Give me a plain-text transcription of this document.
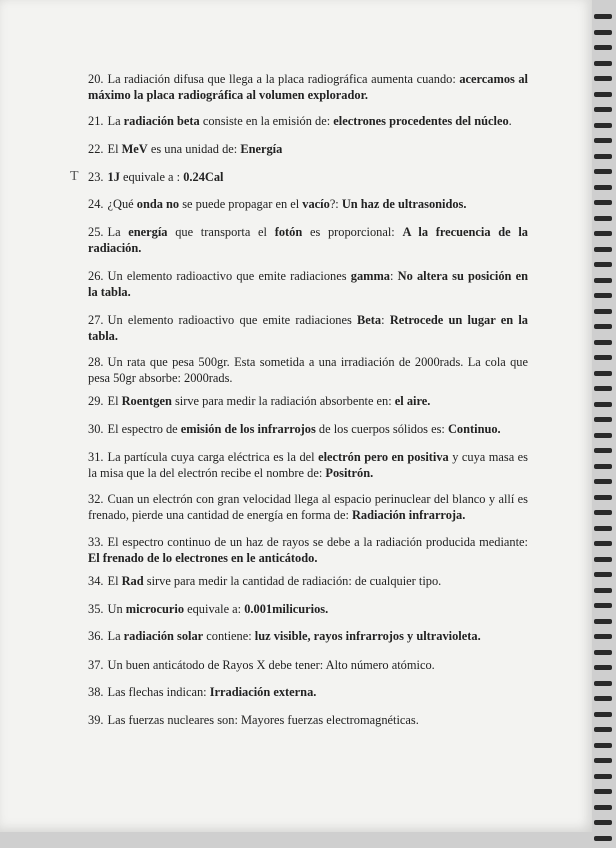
20. La radiación difusa que llega a la placa radiográfica aumenta cuando: acercamos al máximo la placa radiográfica al volumen explorador.
21. La radiación beta consiste en la emisión de: electrones procedentes del núcleo.
22. El MeV es una unidad de: Energía
T 23. 1J equivale a : 0.24Cal
24. ¿Qué onda no se puede propagar en el vacío?: Un haz de ultrasonidos.
25. La energía que transporta el fotón es proporcional: A la frecuencia de la radiación.
26. Un elemento radioactivo que emite radiaciones gamma: No altera su posición en la tabla.
27. Un elemento radioactivo que emite radiaciones Beta: Retrocede un lugar en la tabla.
28. Un rata que pesa 500gr. Esta sometida a una irradiación de 2000rads. La cola que pesa 50gr absorbe: 2000rads.
29. El Roentgen sirve para medir la radiación absorbente en: el aire.
30. El espectro de emisión de los infrarrojos de los cuerpos sólidos es: Continuo.
31. La partícula cuya carga eléctrica es la del electrón pero en positiva y cuya masa es la misa que la del electrón recibe el nombre de: Positrón.
32. Cuan un electrón con gran velocidad llega al espacio perinuclear del blanco y allí es frenado, pierde una cantidad de energía en forma de: Radiación infrarroja.
33. El espectro continuo de un haz de rayos se debe a la radiación producida mediante: El frenado de lo electrones en le anticátodo.
34. El Rad sirve para medir la cantidad de radiación: de cualquier tipo.
35. Un microcurio equivale a: 0.001milicurios.
36. La radiación solar contiene: luz visible, rayos infrarrojos y ultravioleta.
37. Un buen anticátodo de Rayos X debe tener: Alto número atómico.
38. Las flechas indican: Irradiación externa.
39. Las fuerzas nucleares son: Mayores fuerzas electromagnéticas.
